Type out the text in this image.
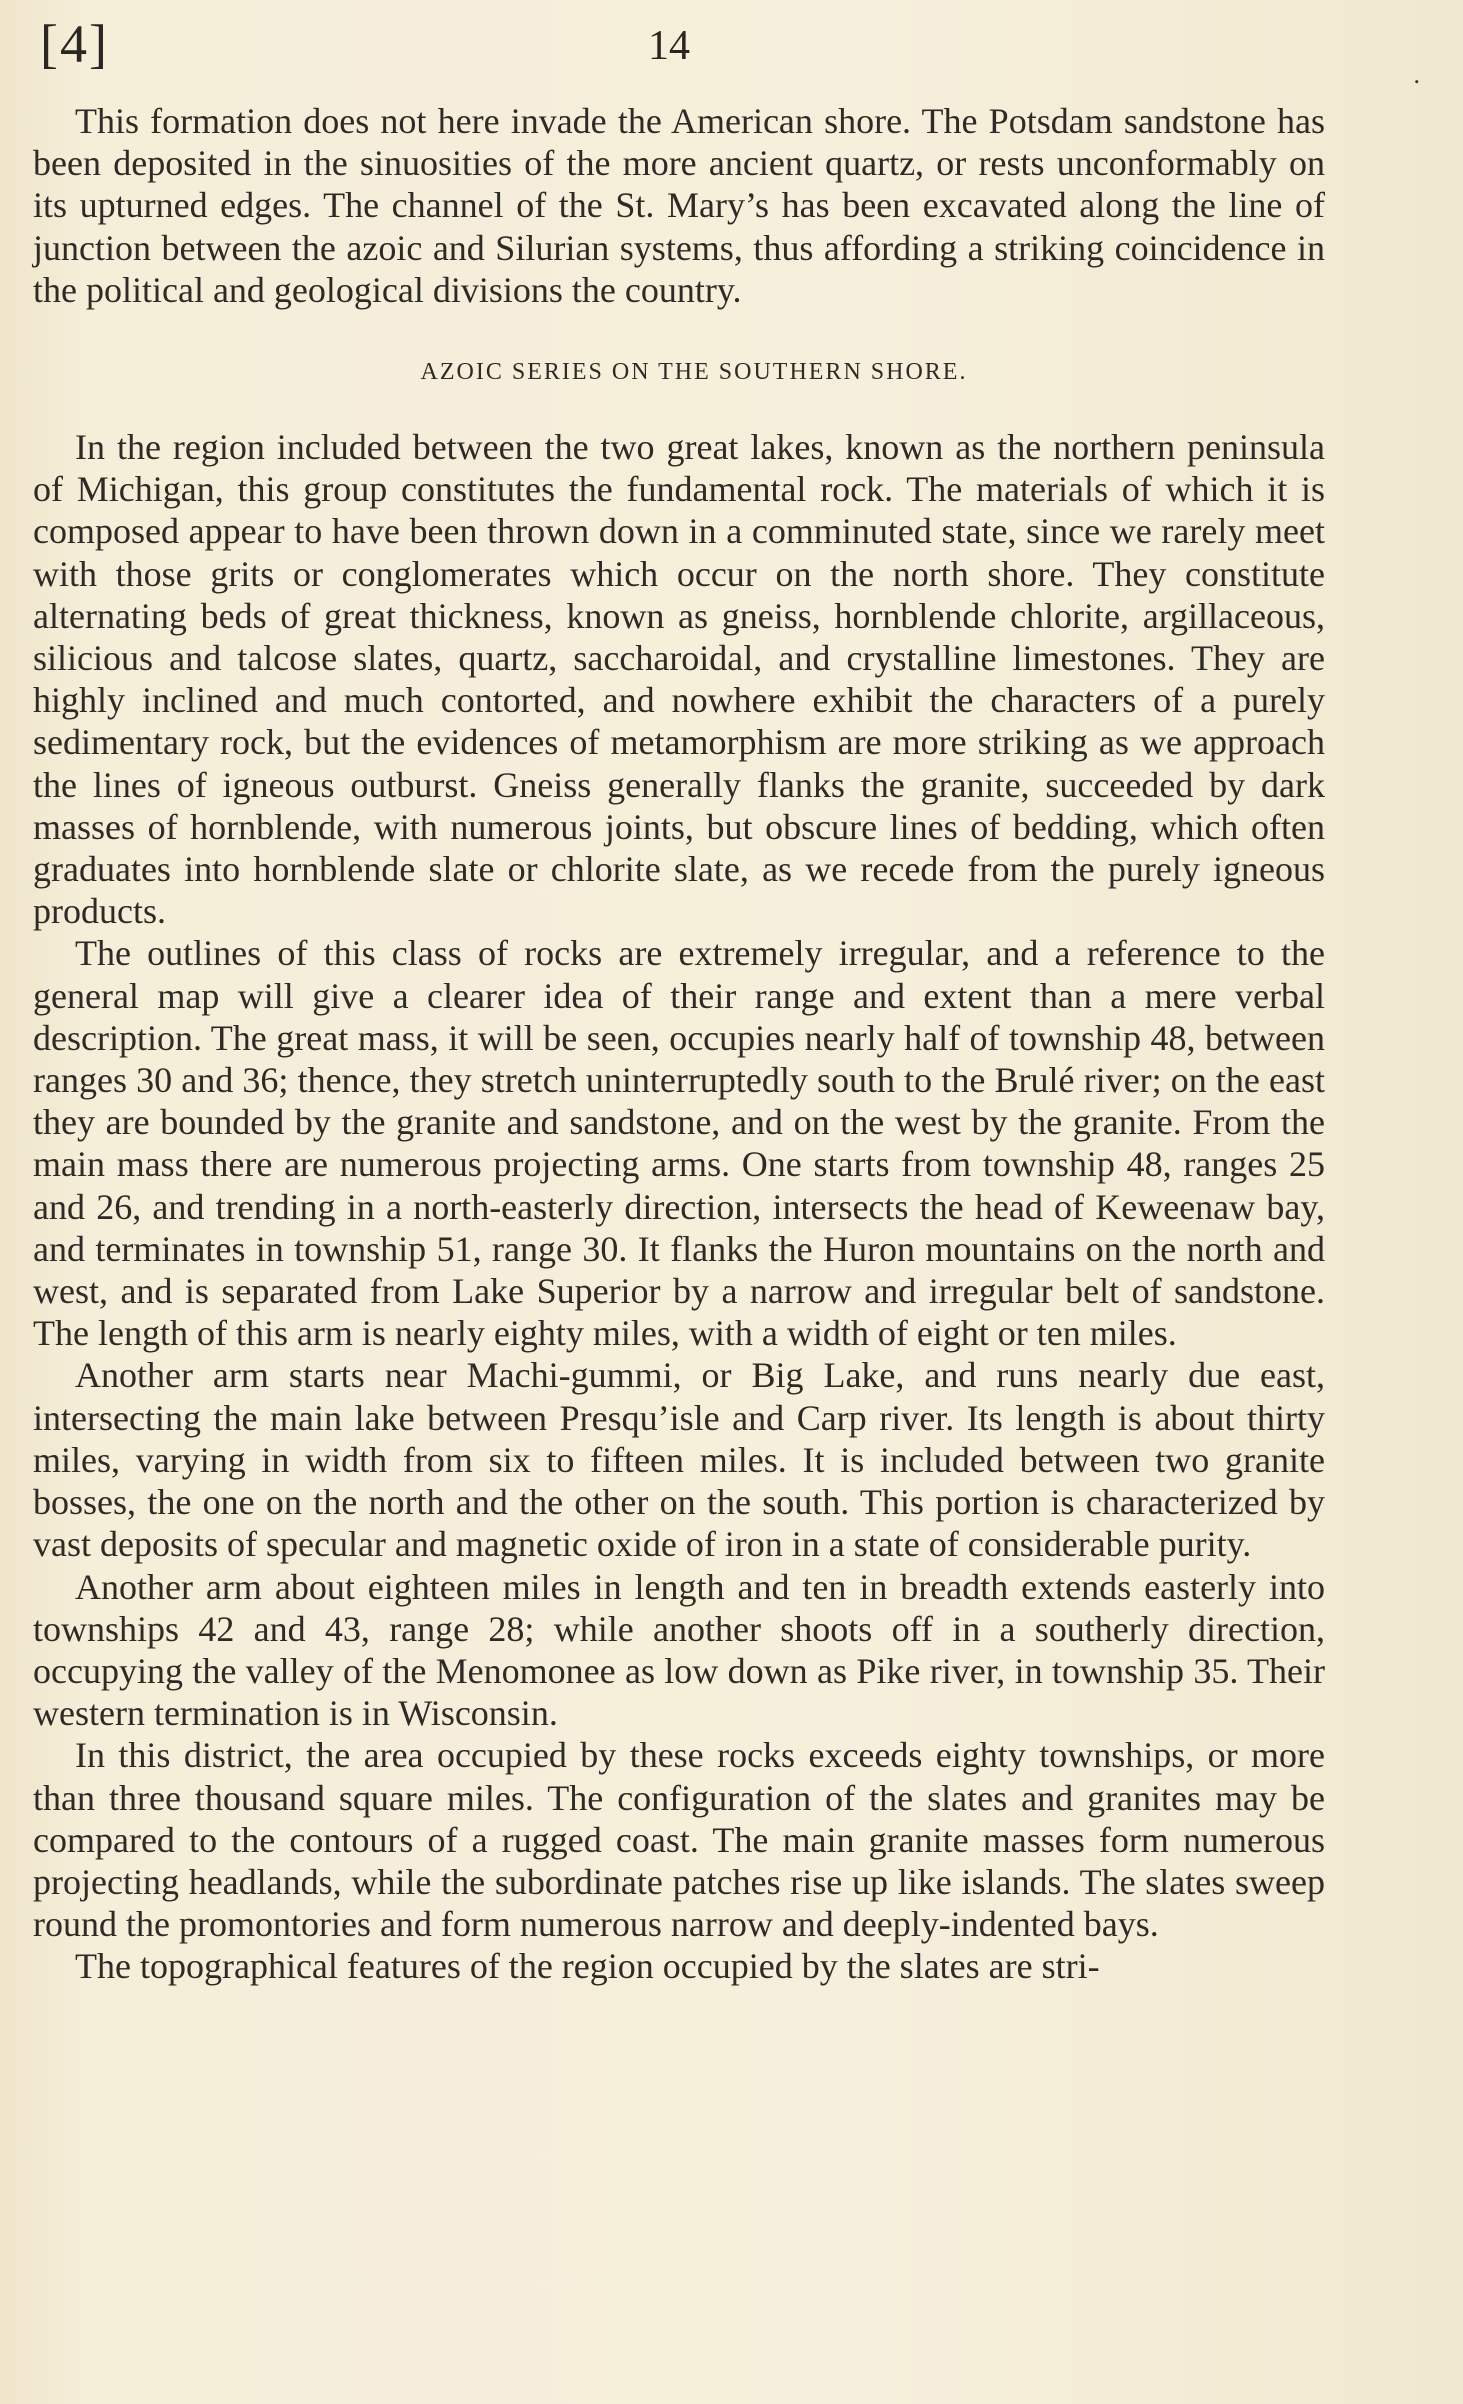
[4]	14
.

This formation does not here invade the American shore. The Potsdam sandstone has been deposited in the sinuosities of the more ancient quartz, or rests unconformably on its upturned edges. The channel of the St. Mary’s has been excavated along the line of junction between the azoic and Silurian systems, thus affording a striking coincidence in the political and geological divisions the country.

AZOIC SERIES ON THE SOUTHERN SHORE.

In the region included between the two great lakes, known as the northern peninsula of Michigan, this group constitutes the fundamental rock. The materials of which it is composed appear to have been thrown down in a comminuted state, since we rarely meet with those grits or conglomerates which occur on the north shore. They constitute alternating beds of great thickness, known as gneiss, hornblende chlorite, argillaceous, silicious and talcose slates, quartz, saccharoidal, and crystalline limestones. They are highly inclined and much contorted, and nowhere exhibit the characters of a purely sedimentary rock, but the evidences of metamorphism are more striking as we approach the lines of igneous outburst. Gneiss generally flanks the granite, succeeded by dark masses of hornblende, with numerous joints, but obscure lines of bedding, which often graduates into hornblende slate or chlorite slate, as we recede from the purely igneous products.

The outlines of this class of rocks are extremely irregular, and a reference to the general map will give a clearer idea of their range and extent than a mere verbal description. The great mass, it will be seen, occupies nearly half of township 48, between ranges 30 and 36; thence, they stretch uninterruptedly south to the Brulé river; on the east they are bounded by the granite and sandstone, and on the west by the granite. From the main mass there are numerous projecting arms. One starts from township 48, ranges 25 and 26, and trending in a north-easterly direction, intersects the head of Keweenaw bay, and terminates in township 51, range 30. It flanks the Huron mountains on the north and west, and is separated from Lake Superior by a narrow and irregular belt of sandstone. The length of this arm is nearly eighty miles, with a width of eight or ten miles.

Another arm starts near Machi-gummi, or Big Lake, and runs nearly due east, intersecting the main lake between Presqu’isle and Carp river. Its length is about thirty miles, varying in width from six to fifteen miles. It is included between two granite bosses, the one on the north and the other on the south. This portion is characterized by vast deposits of specular and magnetic oxide of iron in a state of considerable purity.

Another arm about eighteen miles in length and ten in breadth extends easterly into townships 42 and 43, range 28; while another shoots off in a southerly direction, occupying the valley of the Menomonee as low down as Pike river, in township 35. Their western termination is in Wisconsin.

In this district, the area occupied by these rocks exceeds eighty townships, or more than three thousand square miles. The configuration of the slates and granites may be compared to the contours of a rugged coast. The main granite masses form numerous projecting headlands, while the subordinate patches rise up like islands. The slates sweep round the promontories and form numerous narrow and deeply-indented bays.

The topographical features of the region occupied by the slates are stri-
